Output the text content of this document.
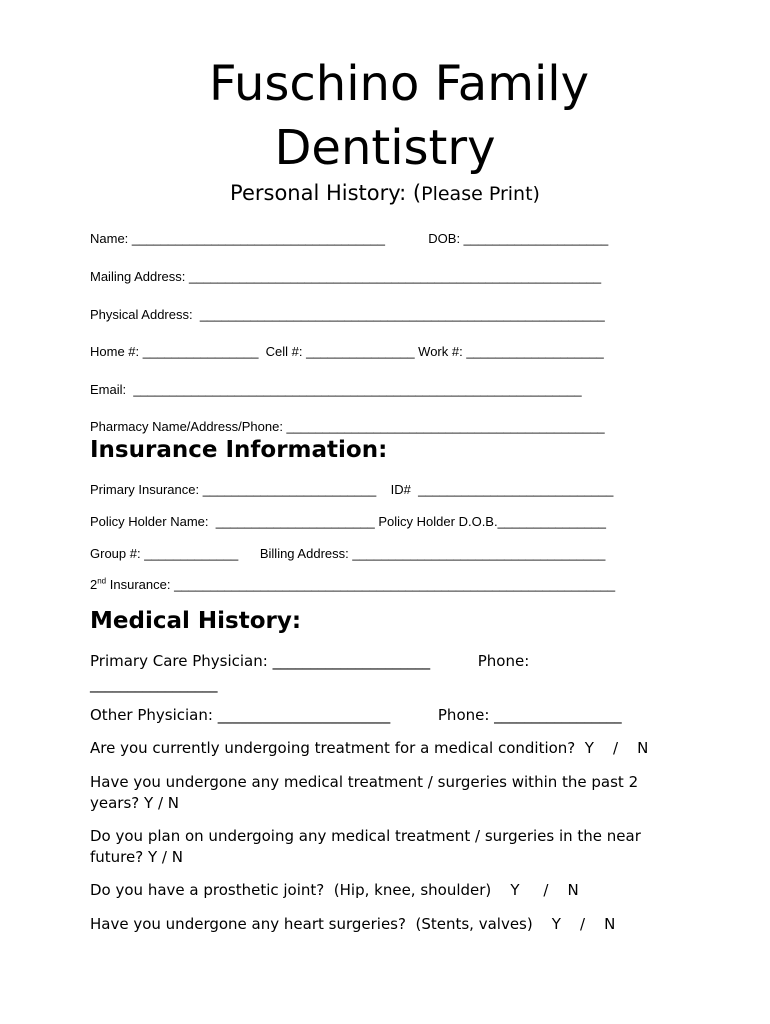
Fuschino Family
Dentistry
Personal History: (Please Print)
Name: ___________________________________            DOB: ____________________
Mailing Address: _________________________________________________________
Physical Address:  ________________________________________________________
Home #: ________________  Cell #: _______________ Work #: ___________________
Email:  ______________________________________________________________
Pharmacy Name/Address/Phone: ____________________________________________
Insurance Information:
Primary Insurance: ________________________    ID#  ___________________________
Policy Holder Name:  ______________________ Policy Holder D.O.B._______________
Group #: _____________      Billing Address: ___________________________________
2nd Insurance: _____________________________________________________________
Medical History:
Primary Care Physician: _____________________          Phone:
_________________
Other Physician: _______________________          Phone: _________________
Are you currently undergoing treatment for a medical condition?  Y    /    N
Have you undergone any medical treatment / surgeries within the past 2 years? Y / N
Do you plan on undergoing any medical treatment / surgeries in the near future? Y / N
Do you have a prosthetic joint?  (Hip, knee, shoulder)    Y     /    N
Have you undergone any heart surgeries?  (Stents, valves)    Y    /    N
